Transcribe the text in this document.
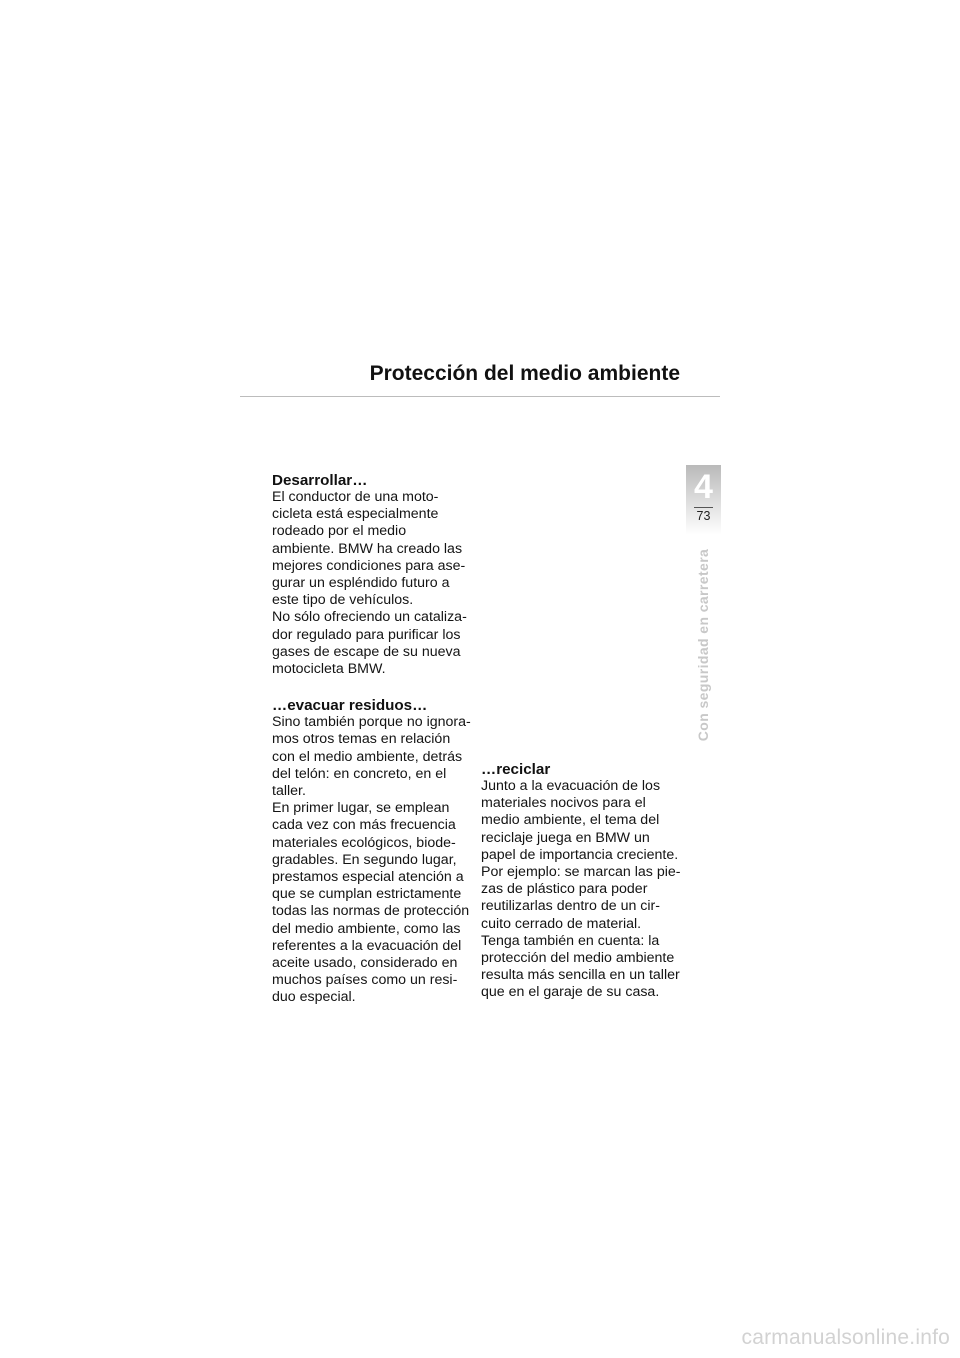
Protección del medio ambiente
Desarrollar…

El conductor de una moto-
cicleta está especialmente
rodeado por el medio
ambiente. BMW ha creado las
mejores condiciones para ase-
gurar un espléndido futuro a
este tipo de vehículos.
No sólo ofreciendo un cataliza-
dor regulado para purificar los
gases de escape de su nueva
motocicleta BMW.

…evacuar residuos…

Sino también porque no ignora-
mos otros temas en relación
con el medio ambiente, detrás
del telón: en concreto, en el
taller.
En primer lugar, se emplean
cada vez con más frecuencia
materiales ecológicos, biode-
gradables. En segundo lugar,
prestamos especial atención a
que se cumplan estrictamente
todas las normas de protección
del medio ambiente, como las
referentes a la evacuación del
aceite usado, considerado en
muchos países como un resi-
duo especial.

…reciclar

Junto a la evacuación de los
materiales nocivos para el
medio ambiente, el tema del
reciclaje juega en BMW un
papel de importancia creciente.
Por ejemplo: se marcan las pie-
zas de plástico para poder
reutilizarlas dentro de un cir-
cuito cerrado de material.
Tenga también en cuenta: la
protección del medio ambiente
resulta más sencilla en un taller
que en el garaje de su casa.

4
73
Con seguridad en carretera
carmanualsonline.info
